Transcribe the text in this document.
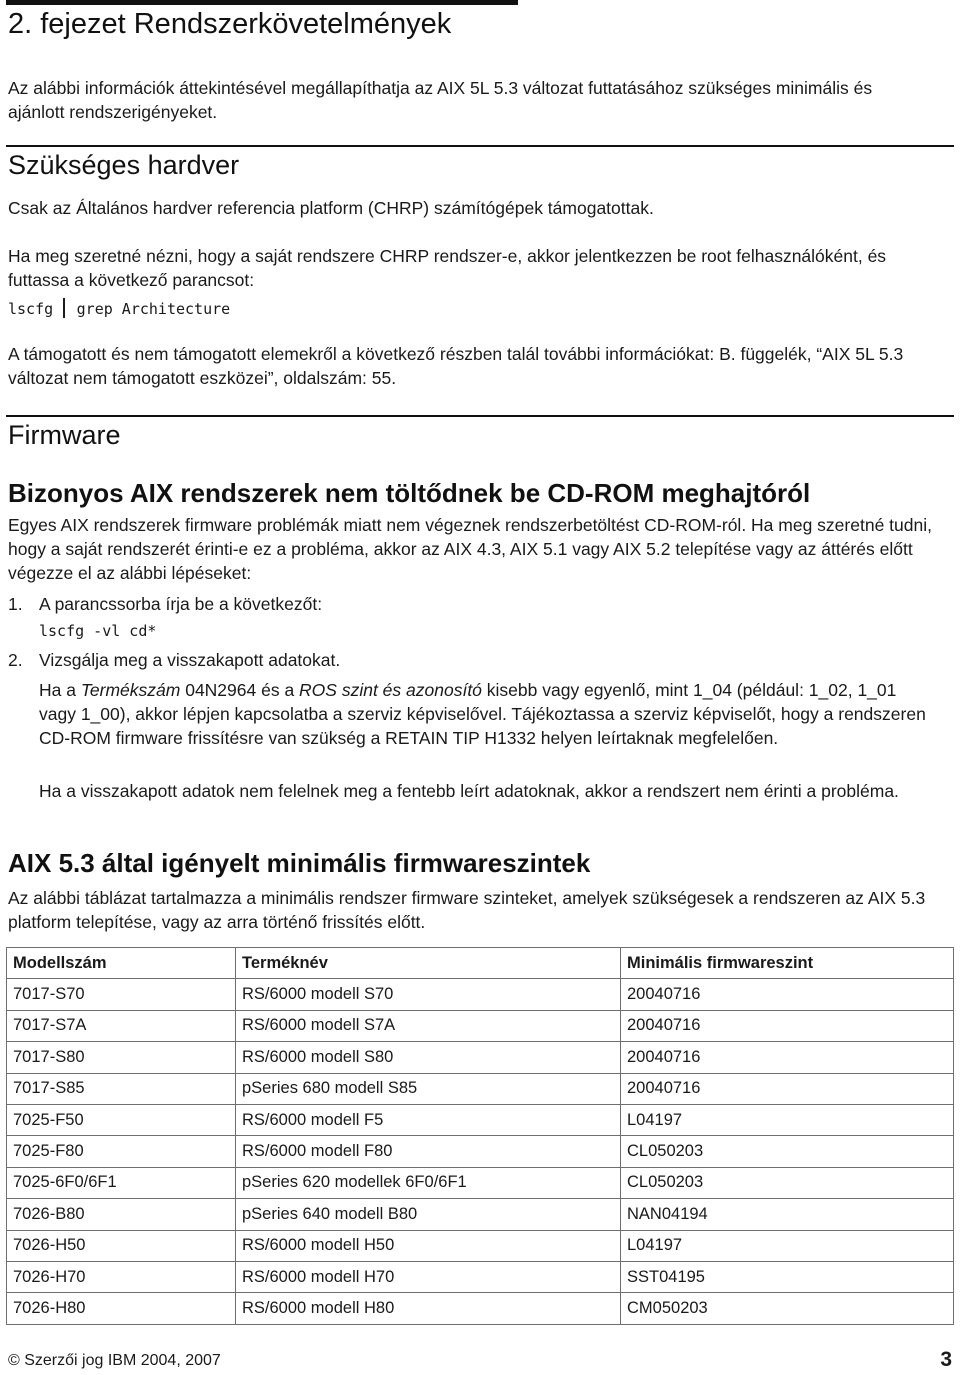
2. fejezet Rendszerkövetelmények
Az alábbi információk áttekintésével megállapíthatja az AIX 5L 5.3 változat futtatásához szükséges minimális és ajánlott rendszerigényeket.
Szükséges hardver
Csak az Általános hardver referencia platform (CHRP) számítógépek támogatottak.
Ha meg szeretné nézni, hogy a saját rendszere CHRP rendszer-e, akkor jelentkezzen be root felhasználóként, és futtassa a következő parancsot:
lscfg grep Architecture
A támogatott és nem támogatott elemekről a következő részben talál további információkat: B. függelék, “AIX 5L 5.3 változat nem támogatott eszközei”, oldalszám: 55.
Firmware
Bizonyos AIX rendszerek nem töltődnek be CD-ROM meghajtóról
Egyes AIX rendszerek firmware problémák miatt nem végeznek rendszerbetöltést CD-ROM-ról. Ha meg szeretné tudni, hogy a saját rendszerét érinti-e ez a probléma, akkor az AIX 4.3, AIX 5.1 vagy AIX 5.2 telepítése vagy az áttérés előtt végezze el az alábbi lépéseket:
1. A parancssorba írja be a következőt:
lscfg -vl cd*
2. Vizsgálja meg a visszakapott adatokat.
Ha a Termékszám 04N2964 és a ROS szint és azonosító kisebb vagy egyenlő, mint 1_04 (például: 1_02, 1_01 vagy 1_00), akkor lépjen kapcsolatba a szerviz képviselővel. Tájékoztassa a szerviz képviselőt, hogy a rendszeren CD-ROM firmware frissítésre van szükség a RETAIN TIP H1332 helyen leírtaknak megfelelően.
Ha a visszakapott adatok nem felelnek meg a fentebb leírt adatoknak, akkor a rendszert nem érinti a probléma.
AIX 5.3 által igényelt minimális firmwareszintek
Az alábbi táblázat tartalmazza a minimális rendszer firmware szinteket, amelyek szükségesek a rendszeren az AIX 5.3 platform telepítése, vagy az arra történő frissítés előtt.
Modellszám	Terméknév	Minimális firmwareszint
7017-S70	RS/6000 modell S70	20040716
7017-S7A	RS/6000 modell S7A	20040716
7017-S80	RS/6000 modell S80	20040716
7017-S85	pSeries 680 modell S85	20040716
7025-F50	RS/6000 modell F5	L04197
7025-F80	RS/6000 modell F80	CL050203
7025-6F0/6F1	pSeries 620 modellek 6F0/6F1	CL050203
7026-B80	pSeries 640 modell B80	NAN04194
7026-H50	RS/6000 modell H50	L04197
7026-H70	RS/6000 modell H70	SST04195
7026-H80	RS/6000 modell H80	CM050203
© Szerzői jog IBM 2004, 2007	3
